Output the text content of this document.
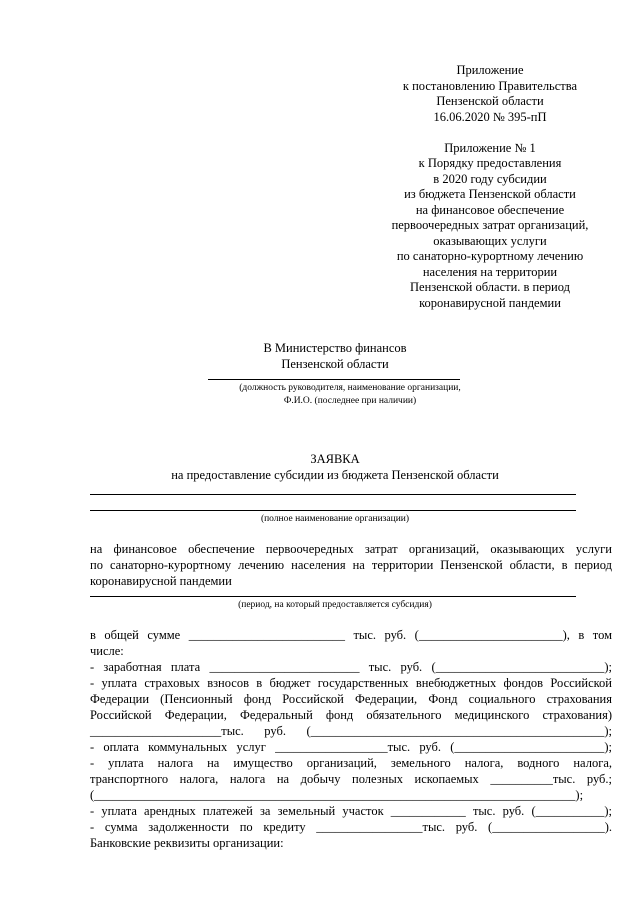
Приложение
к постановлению Правительства
Пензенской области
16.06.2020 № 395-пП
Приложение № 1
к Порядку предоставления
в 2020 году субсидии
из бюджета Пензенской области
на финансовое обеспечение
первоочередных затрат организаций,
оказывающих услуги
по санаторно-курортному лечению
населения на территории
Пензенской области. в период
коронавирусной пандемии
В Министерство финансов
Пензенской области
(должность руководителя, наименование организации,
Ф.И.О. (последнее при наличии)
ЗАЯВКА
на предоставление субсидии из бюджета Пензенской области
(полное наименование организации)
на финансовое обеспечение первоочередных затрат организаций, оказывающих услуги
по санаторно-курортному лечению населения на территории Пензенской области, в период
коронавирусной пандемии
(период, на который предоставляется субсидия)
в общей сумме _________________________ тыс. руб. (_______________________), в том
числе:
- заработная плата ________________________ тыс. руб. (___________________________);
- уплата страховых взносов в бюджет государственных внебюджетных фондов Российской
Федерации (Пенсионный фонд Российской Федерации, Фонд социального страхования
Российской Федерации, Федеральный фонд обязательного медицинского страхования)
_____________________тыс. руб. (_______________________________________________);
- оплата коммунальных услуг __________________тыс. руб. (________________________);
- уплата налога на имущество организаций, земельного налога, водного налога,
транспортного налога, налога на добычу полезных ископаемых __________тыс. руб.;
(_____________________________________________________________________________);
- уплата арендных платежей за земельный участок ____________ тыс. руб. (___________);
- сумма задолженности по кредиту _________________тыс. руб. (__________________).
Банковские реквизиты организации:
